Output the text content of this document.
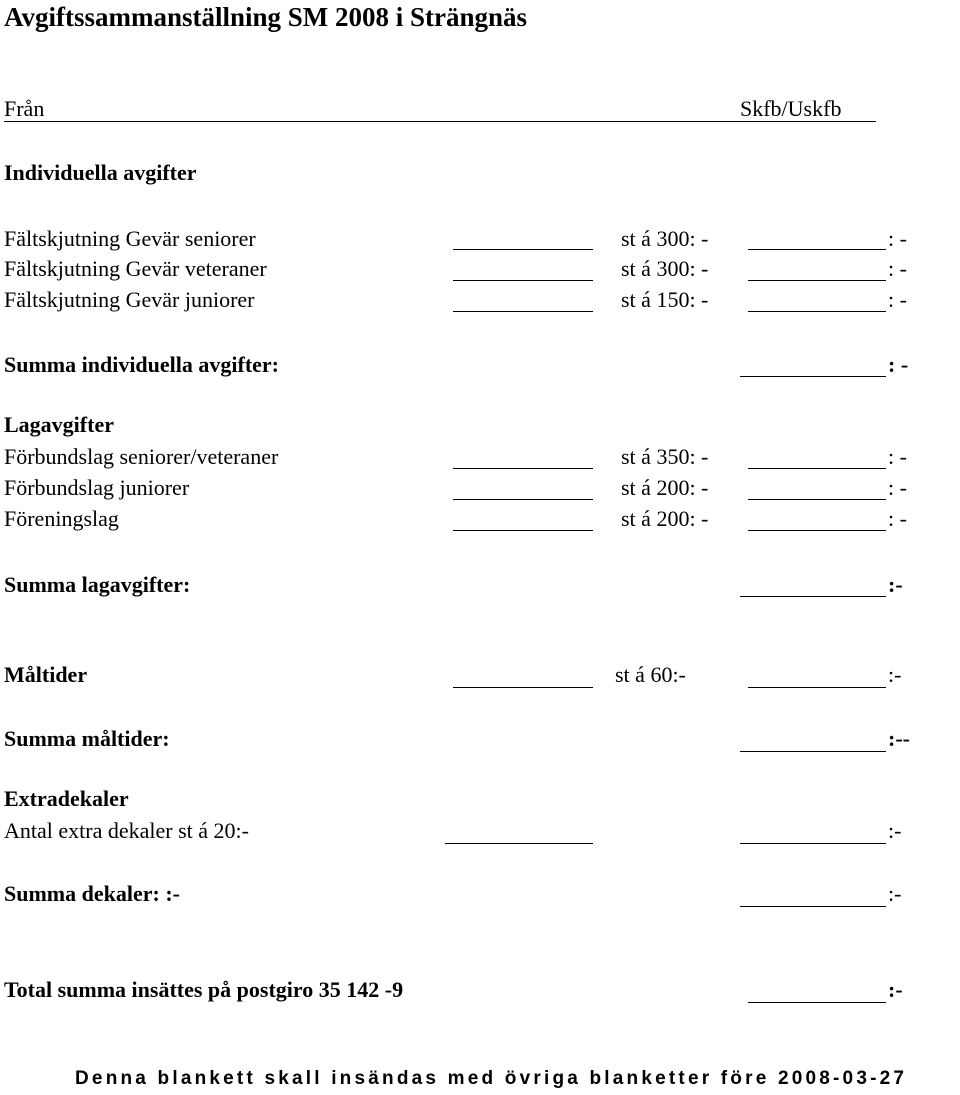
Avgiftssammanställning SM 2008 i Strängnäs
Från	Skfb/Uskfb
Individuella avgifter
Fältskjutning Gevär seniorer	st á 300: -	: -
Fältskjutning Gevär veteraner	st á 300: -	: -
Fältskjutning Gevär juniorer	st á 150: -	: -
Summa individuella avgifter:	: -
Lagavgifter
Förbundslag seniorer/veteraner	st á 350: -	: -
Förbundslag juniorer	st á 200: -	: -
Föreningslag	st á 200: -	: -
Summa lagavgifter:	:-
Måltider	st á 60:-	:-
Summa måltider:	:--
Extradekaler
Antal extra dekaler st á 20:-	:-
Summa dekaler: :-	:-
Total summa insättes på postgiro 35 142 -9	:-
Denna blankett skall insändas med övriga blanketter före 2008-03-27
